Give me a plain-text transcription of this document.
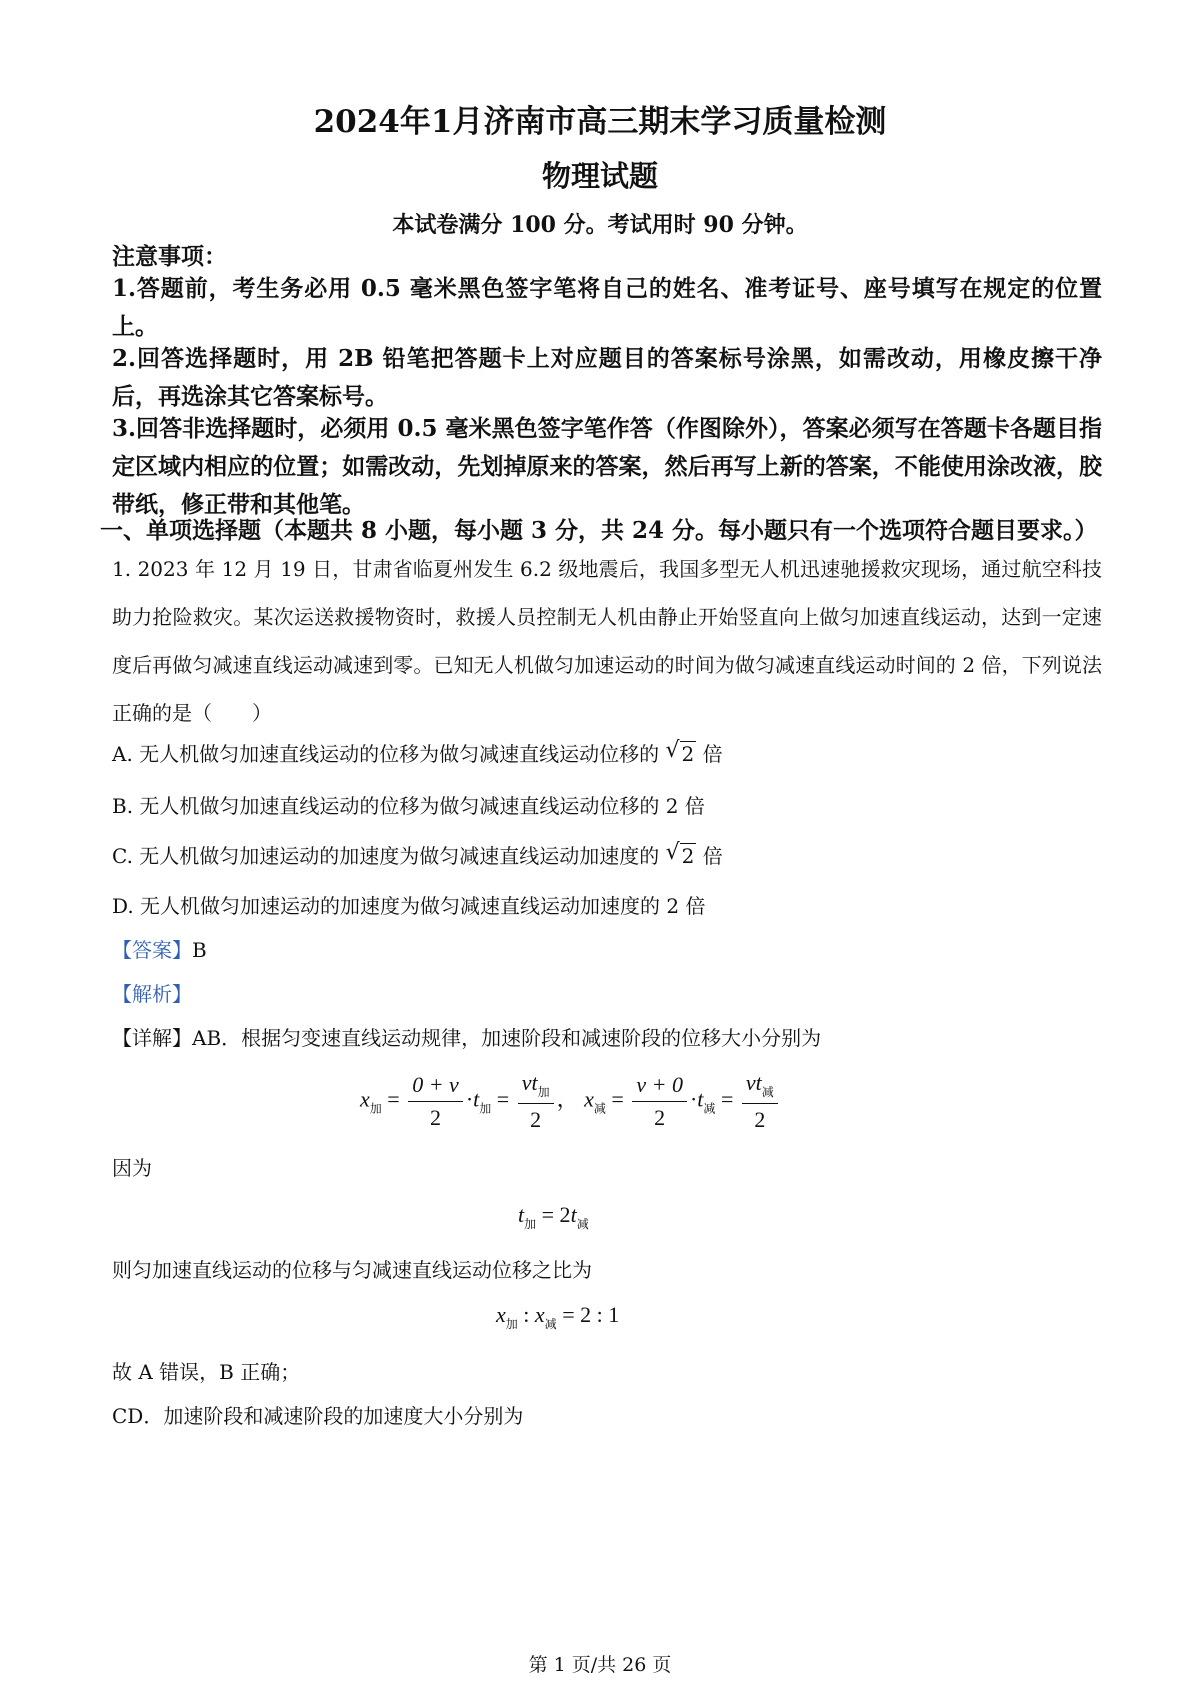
2024年1月济南市高三期末学习质量检测
物理试题
本试卷满分 100 分。考试用时 90 分钟。
注意事项：
1.答题前，考生务必用 0.5 毫米黑色签字笔将自己的姓名、准考证号、座号填写在规定的位置上。
2.回答选择题时，用 2B 铅笔把答题卡上对应题目的答案标号涂黑，如需改动，用橡皮擦干净后，再选涂其它答案标号。
3.回答非选择题时，必须用 0.5 毫米黑色签字笔作答（作图除外），答案必须写在答题卡各题目指定区域内相应的位置；如需改动，先划掉原来的答案，然后再写上新的答案，不能使用涂改液，胶带纸，修正带和其他笔。
一、单项选择题（本题共 8 小题，每小题 3 分，共 24 分。每小题只有一个选项符合题目要求。）
1. 2023 年 12 月 19 日，甘肃省临夏州发生 6.2 级地震后，我国多型无人机迅速驰援救灾现场，通过航空科技助力抢险救灾。某次运送救援物资时，救援人员控制无人机由静止开始竖直向上做匀加速直线运动，达到一定速度后再做匀减速直线运动减速到零。已知无人机做匀加速运动的时间为做匀减速直线运动时间的 2 倍，下列说法正确的是（　　）
A. 无人机做匀加速直线运动的位移为做匀减速直线运动位移的 √ 2 倍
B. 无人机做匀加速直线运动的位移为做匀减速直线运动位移的 2 倍
C. 无人机做匀加速运动的加速度为做匀减速直线运动加速度的 √ 2 倍
D. 无人机做匀加速运动的加速度为做匀减速直线运动加速度的 2 倍
【答案】B
【解析】
【详解】AB．根据匀变速直线运动规律，加速阶段和减速阶段的位移大小分别为
$x_加 = \frac{0 + v}{2} \cdot t_加 = \frac{vt_加}{2}$ ， $x_减 = \frac{v + 0}{2} \cdot t_减 = \frac{vt_减}{2}$
因为
$t_加 = 2t_减$
则匀加速直线运动的位移与匀减速直线运动位移之比为
$x_加$ : $x_减 = 2$ : 1
故 A 错误，B 正确；
CD．加速阶段和减速阶段的加速度大小分别为
第 1 页/共 26 页
